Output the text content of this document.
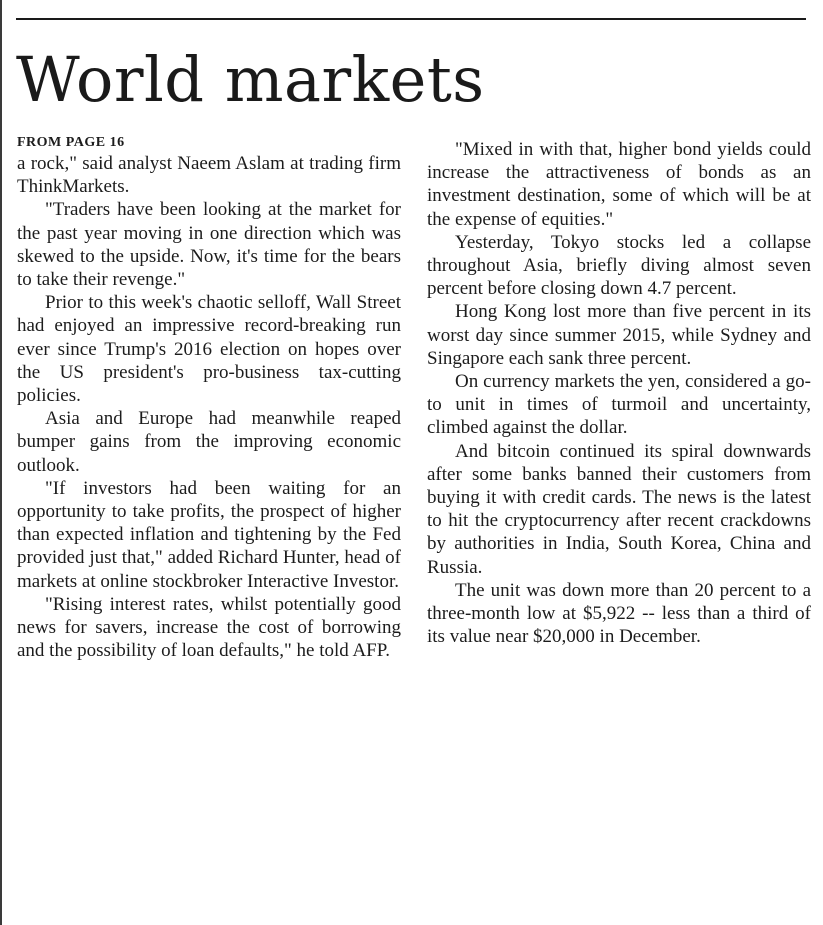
World markets
FROM PAGE 16

a rock," said analyst Naeem Aslam at trading firm ThinkMarkets.

"Traders have been looking at the market for the past year moving in one direction which was skewed to the upside. Now, it's time for the bears to take their revenge."

Prior to this week's chaotic selloff, Wall Street had enjoyed an impressive record-breaking run ever since Trump's 2016 election on hopes over the US president's pro-business tax-cutting policies.

Asia and Europe had meanwhile reaped bumper gains from the improving economic outlook.

"If investors had been waiting for an opportunity to take profits, the prospect of higher than expected inflation and tightening by the Fed provided just that," added Richard Hunter, head of markets at online stockbroker Interactive Investor.

"Rising interest rates, whilst potentially good news for savers, increase the cost of borrowing and the possibility of loan defaults," he told AFP.

"Mixed in with that, higher bond yields could increase the attractiveness of bonds as an investment destination, some of which will be at the expense of equities."

Yesterday, Tokyo stocks led a collapse throughout Asia, briefly diving almost seven percent before closing down 4.7 percent.

Hong Kong lost more than five percent in its worst day since summer 2015, while Sydney and Singapore each sank three percent.

On currency markets the yen, considered a go-to unit in times of turmoil and uncertainty, climbed against the dollar.

And bitcoin continued its spiral downwards after some banks banned their customers from buying it with credit cards. The news is the latest to hit the cryptocurrency after recent crackdowns by authorities in India, South Korea, China and Russia.

The unit was down more than 20 percent to a three-month low at $5,922 -- less than a third of its value near $20,000 in December.
